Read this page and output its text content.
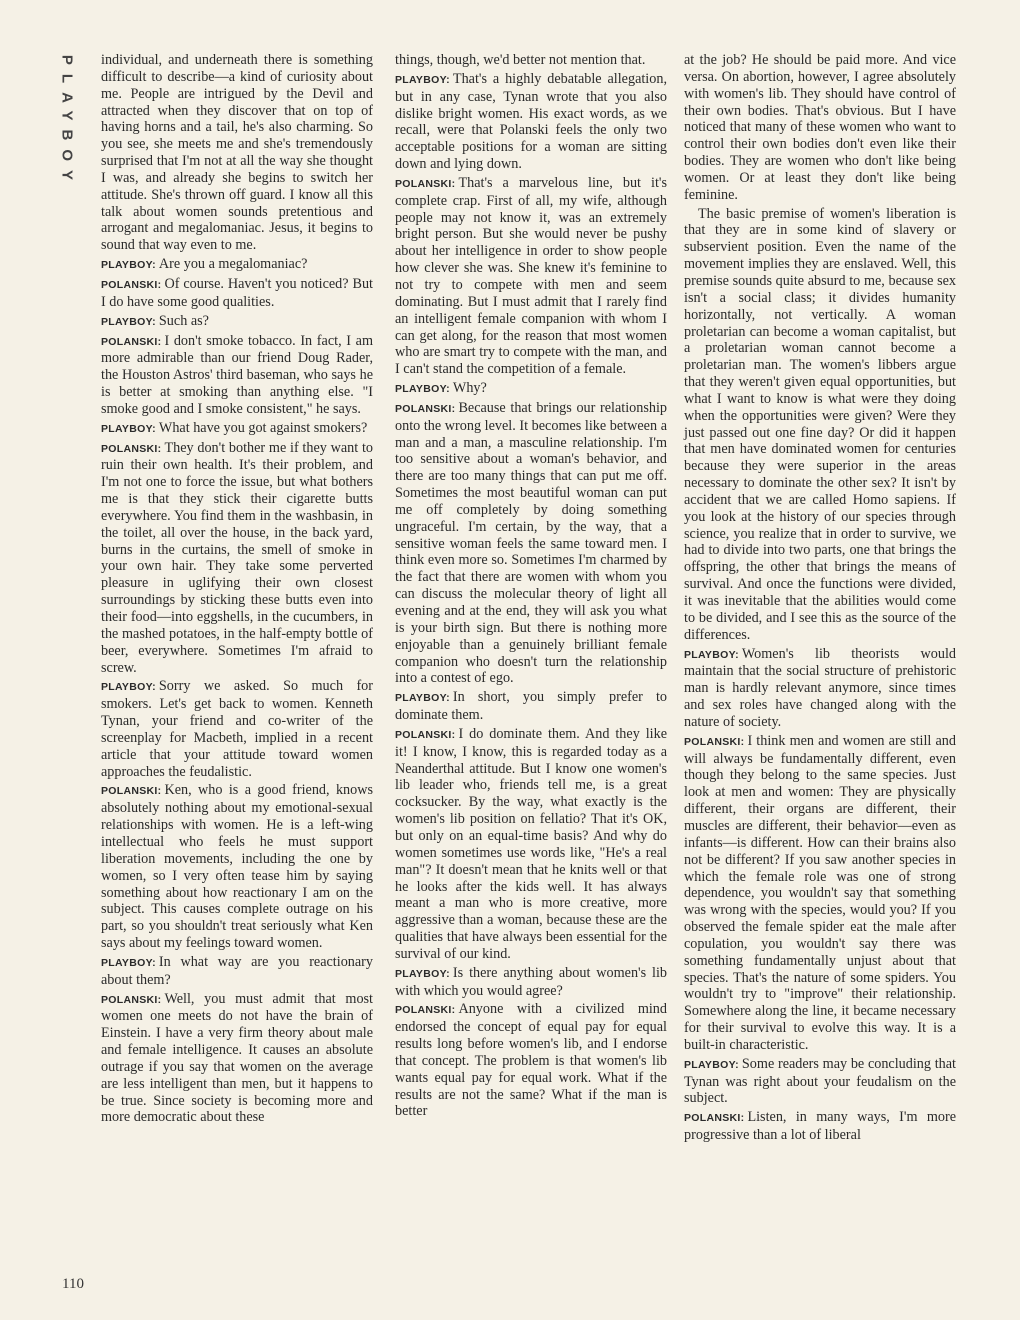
PLAYBOY individual, and underneath there is something difficult to describe—a kind of curiosity about me. People are intrigued by the Devil and attracted when they discover that on top of having horns and a tail, he's also charming. So you see, she meets me and she's tremendously surprised that I'm not at all the way she thought I was, and already she begins to switch her attitude. She's thrown off guard. I know all this talk about women sounds pretentious and arrogant and megalomaniac. Jesus, it begins to sound that way even to me.

PLAYBOY: Are you a megalomaniac?

POLANSKI: Of course. Haven't you noticed? But I do have some good qualities.

PLAYBOY: Such as?

POLANSKI: I don't smoke tobacco. In fact, I am more admirable than our friend Doug Rader, the Houston Astros' third baseman, who says he is better at smoking than anything else. "I smoke good and I smoke consistent," he says.

PLAYBOY: What have you got against smokers?

POLANSKI: They don't bother me if they want to ruin their own health. It's their problem, and I'm not one to force the issue, but what bothers me is that they stick their cigarette butts everywhere. You find them in the washbasin, in the toilet, all over the house, in the back yard, burns in the curtains, the smell of smoke in your own hair. They take some perverted pleasure in uglifying their own closest surroundings by sticking these butts even into their food—into eggshells, in the cucumbers, in the mashed potatoes, in the half-empty bottle of beer, everywhere. Sometimes I'm afraid to screw.

PLAYBOY: Sorry we asked. So much for smokers. Let's get back to women. Kenneth Tynan, your friend and co-writer of the screenplay for Macbeth, implied in a recent article that your attitude toward women approaches the feudalistic.

POLANSKI: Ken, who is a good friend, knows absolutely nothing about my emotional-sexual relationships with women. He is a left-wing intellectual who feels he must support liberation movements, including the one by women, so I very often tease him by saying something about how reactionary I am on the subject. This causes complete outrage on his part, so you shouldn't treat seriously what Ken says about my feelings toward women.

PLAYBOY: In what way are you reactionary about them?

POLANSKI: Well, you must admit that most women one meets do not have the brain of Einstein. I have a very firm theory about male and female intelligence. It causes an absolute outrage if you say that women on the average are less intelligent than men, but it happens to be true. Since society is becoming more and more democratic about these

things, though, we'd better not mention that.

PLAYBOY: That's a highly debatable allegation, but in any case, Tynan wrote that you also dislike bright women. His exact words, as we recall, were that Polanski feels the only two acceptable positions for a woman are sitting down and lying down.

POLANSKI: That's a marvelous line, but it's complete crap. First of all, my wife, although people may not know it, was an extremely bright person. But she would never be pushy about her intelligence in order to show people how clever she was. She knew it's feminine to not try to compete with men and seem dominating. But I must admit that I rarely find an intelligent female companion with whom I can get along, for the reason that most women who are smart try to compete with the man, and I can't stand the competition of a female.

PLAYBOY: Why?

POLANSKI: Because that brings our relationship onto the wrong level. It becomes like between a man and a man, a masculine relationship. I'm too sensitive about a woman's behavior, and there are too many things that can put me off. Sometimes the most beautiful woman can put me off completely by doing something ungraceful. I'm certain, by the way, that a sensitive woman feels the same toward men. I think even more so. Sometimes I'm charmed by the fact that there are women with whom you can discuss the molecular theory of light all evening and at the end, they will ask you what is your birth sign. But there is nothing more enjoyable than a genuinely brilliant female companion who doesn't turn the relationship into a contest of ego.

PLAYBOY: In short, you simply prefer to dominate them.

POLANSKI: I do dominate them. And they like it! I know, I know, this is regarded today as a Neanderthal attitude. But I know one women's lib leader who, friends tell me, is a great cocksucker. By the way, what exactly is the women's lib position on fellatio? That it's OK, but only on an equal-time basis? And why do women sometimes use words like, "He's a real man"? It doesn't mean that he knits well or that he looks after the kids well. It has always meant a man who is more creative, more aggressive than a woman, because these are the qualities that have always been essential for the survival of our kind.

PLAYBOY: Is there anything about women's lib with which you would agree?

POLANSKI: Anyone with a civilized mind endorsed the concept of equal pay for equal results long before women's lib, and I endorse that concept. The problem is that women's lib wants equal pay for equal work. What if the results are not the same? What if the man is better

at the job? He should be paid more. And vice versa. On abortion, however, I agree absolutely with women's lib. They should have control of their own bodies. That's obvious. But I have noticed that many of these women who want to control their own bodies don't even like their bodies. They are women who don't like being women. Or at least they don't like being feminine.

The basic premise of women's liberation is that they are in some kind of slavery or subservient position. Even the name of the movement implies they are enslaved. Well, this premise sounds quite absurd to me, because sex isn't a social class; it divides humanity horizontally, not vertically. A woman proletarian can become a woman capitalist, but a proletarian woman cannot become a proletarian man. The women's libbers argue that they weren't given equal opportunities, but what I want to know is what were they doing when the opportunities were given? Were they just passed out one fine day? Or did it happen that men have dominated women for centuries because they were superior in the areas necessary to dominate the other sex? It isn't by accident that we are called Homo sapiens. If you look at the history of our species through science, you realize that in order to survive, we had to divide into two parts, one that brings the offspring, the other that brings the means of survival. And once the functions were divided, it was inevitable that the abilities would come to be divided, and I see this as the source of the differences.

PLAYBOY: Women's lib theorists would maintain that the social structure of prehistoric man is hardly relevant anymore, since times and sex roles have changed along with the nature of society.

POLANSKI: I think men and women are still and will always be fundamentally different, even though they belong to the same species. Just look at men and women: They are physically different, their organs are different, their muscles are different, their behavior—even as infants—is different. How can their brains also not be different? If you saw another species in which the female role was one of strong dependence, you wouldn't say that something was wrong with the species, would you? If you observed the female spider eat the male after copulation, you wouldn't say there was something fundamentally unjust about that species. That's the nature of some spiders. You wouldn't try to "improve" their relationship. Somewhere along the line, it became necessary for their survival to evolve this way. It is a built-in characteristic.

PLAYBOY: Some readers may be concluding that Tynan was right about your feudalism on the subject.

POLANSKI: Listen, in many ways, I'm more progressive than a lot of liberal

110
